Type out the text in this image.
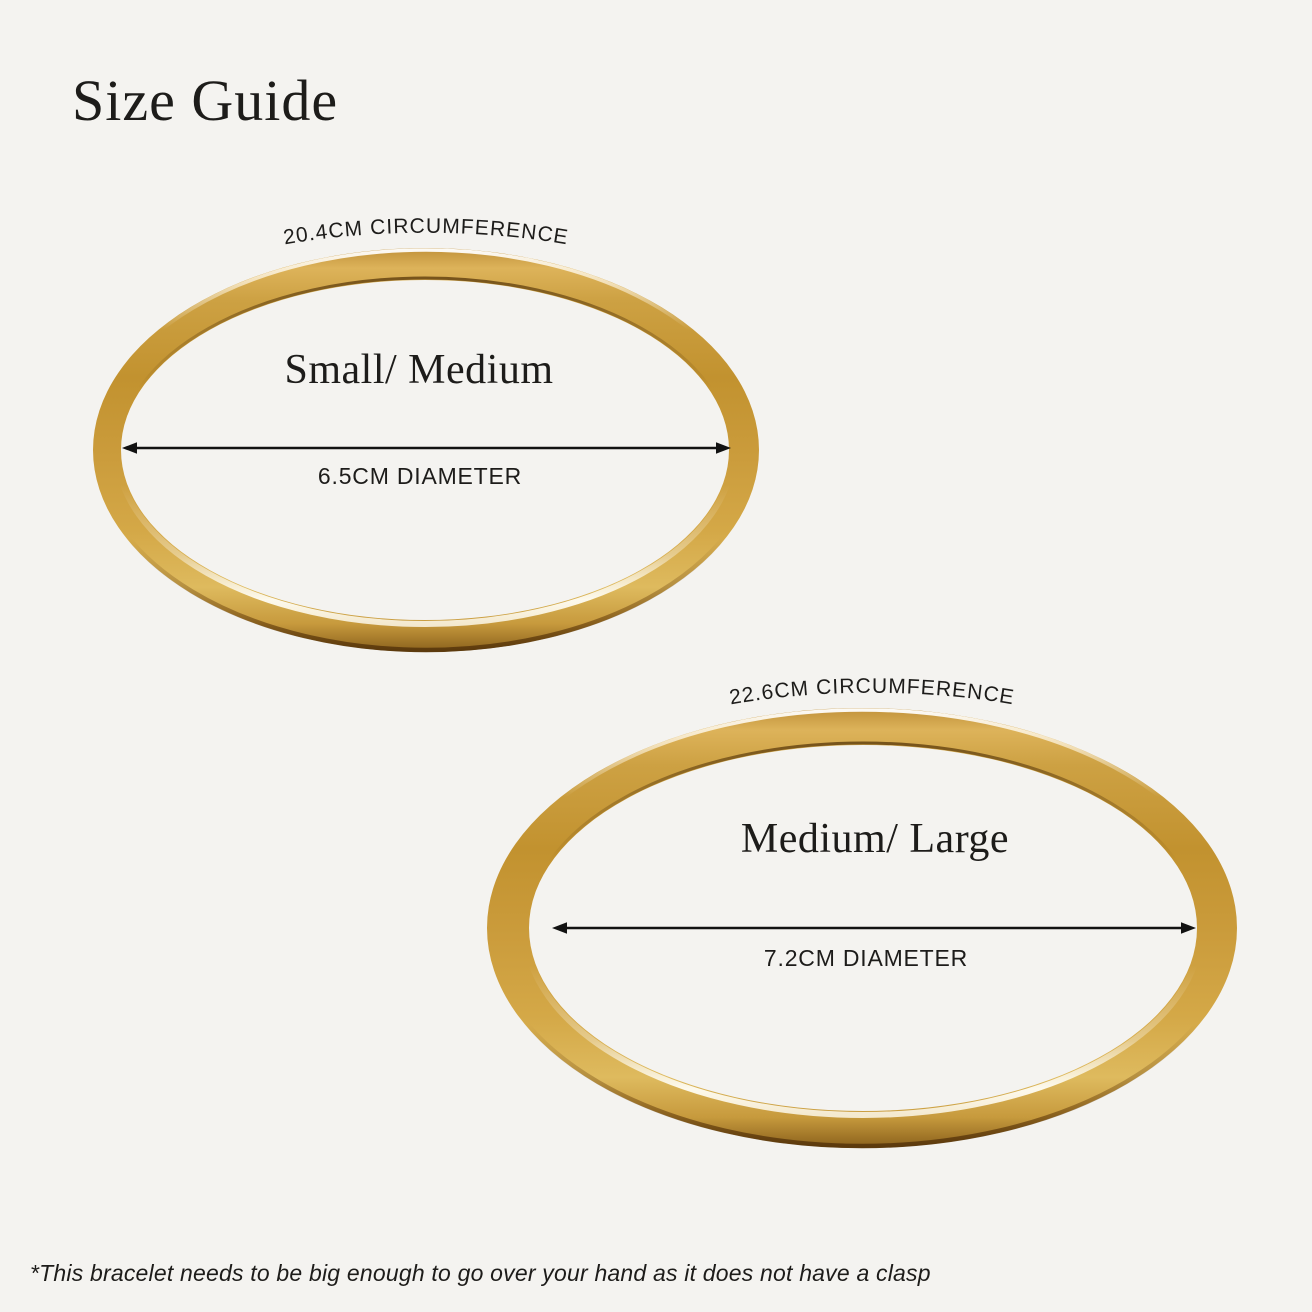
Size Guide
20.4CM CIRCUMFERENCE
Small/ Medium
6.5CM DIAMETER
22.6CM CIRCUMFERENCE
Medium/ Large
7.2CM DIAMETER
*This bracelet needs to be big enough to go over your hand as it does not have a clasp
